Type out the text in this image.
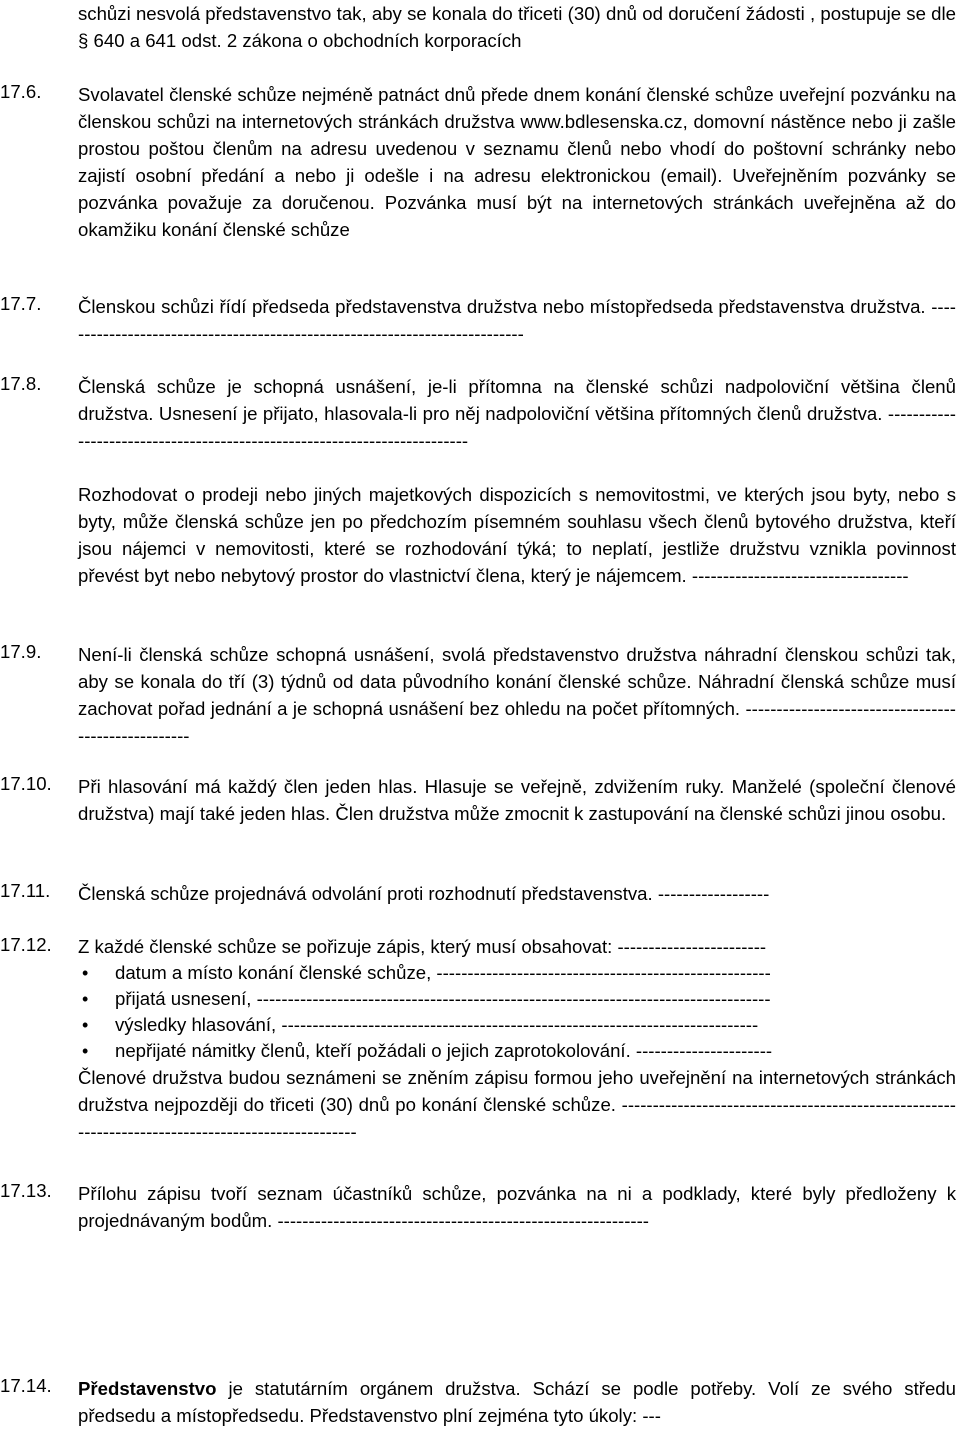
schůzi nesvolá představenstvo tak, aby se konala do třiceti (30) dnů od doručení žádosti , postupuje se dle § 640 a 641 odst. 2 zákona o obchodních korporacích
17.6. Svolavatel členské schůze nejméně patnáct dnů přede dnem konání členské schůze uveřejní pozvánku na členskou schůzi na internetových stránkách družstva www.bdlesenska.cz, domovní nástěnce nebo ji zašle prostou poštou členům na adresu uvedenou v seznamu členů nebo vhodí do poštovní schránky nebo zajistí osobní předání a nebo ji odešle i na adresu elektronickou (email). Uveřejněním pozvánky se pozvánka považuje za doručenou. Pozvánka musí být na internetových stránkách uveřejněna až do okamžiku konání členské schůze
17.7. Členskou schůzi řídí předseda představenstva družstva nebo místopředseda představenstva družstva. ----------------------------------------------------------------------------
17.8. Členská schůze je schopná usnášení, je-li přítomna na členské schůzi nadpoloviční většina členů družstva. Usnesení je přijato, hlasovala-li pro něj nadpoloviční většina přítomných členů družstva. --------------------------------------------------------------------------
Rozhodovat o prodeji nebo jiných majetkových dispozicích s nemovitostmi, ve kterých jsou byty, nebo s byty, může členská schůze jen po předchozím písemném souhlasu všech členů bytového družstva, kteří jsou nájemci v nemovitosti, které se rozhodování týká; to neplatí, jestliže družstvu vznikla povinnost převést byt nebo nebytový prostor do vlastnictví člena, který je nájemcem. -----------------------------------
17.9. Není-li členská schůze schopná usnášení, svolá představenstvo družstva náhradní členskou schůzi tak, aby se konala do tří (3) týdnů od data původního konání členské schůze. Náhradní členská schůze musí zachovat pořad jednání a je schopná usnášení bez ohledu na počet přítomných. ----------------------------------------------------
17.10. Při hlasování má každý člen jeden hlas. Hlasuje se veřejně, zdvižením ruky. Manželé (společní členové družstva) mají také jeden hlas. Člen družstva může zmocnit k zastupování na členské schůzi jinou osobu.
17.11. Členská schůze projednává odvolání proti rozhodnutí představenstva. ------------------
17.12. Z každé členské schůze se pořizuje zápis, který musí obsahovat: ------------------------

• datum a místo konání členské schůze, ------------------------------------------------------
• přijatá usnesení, -----------------------------------------------------------------------------------
• výsledky hlasování, -----------------------------------------------------------------------------
• nepřijaté námitky členů, kteří požádali o jejich zaprotokolování. ----------------------

Členové družstva budou seznámeni se zněním zápisu formou jeho uveřejnění na internetových stránkách družstva nejpozději do třiceti (30) dnů po konání členské schůze. ---------------------------------------------------------------------------------------------------

17.13. Přílohu zápisu tvoří seznam účastníků schůze, pozvánka na ni a podklady, které byly předloženy k projednávaným bodům. ------------------------------------------------------------
17.14. Představenstvo je statutárním orgánem družstva. Schází se podle potřeby. Volí ze svého středu předsedu a místopředsedu. Představenstvo plní zejména tyto úkoly: ---
